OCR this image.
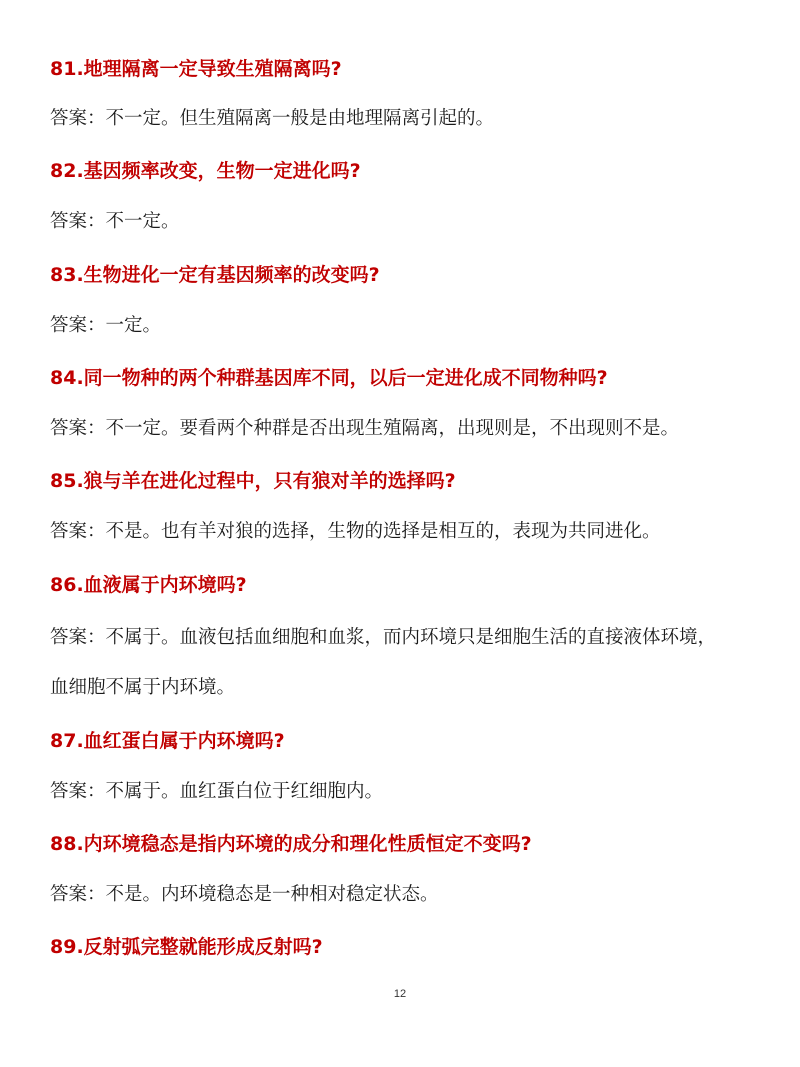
81.地理隔离一定导致生殖隔离吗?
答案：不一定。但生殖隔离一般是由地理隔离引起的。
82.基因频率改变，生物一定进化吗?
答案：不一定。
83.生物进化一定有基因频率的改变吗?
答案：一定。
84.同一物种的两个种群基因库不同，以后一定进化成不同物种吗?
答案：不一定。要看两个种群是否出现生殖隔离，出现则是，不出现则不是。
85.狼与羊在进化过程中，只有狼对羊的选择吗?
答案：不是。也有羊对狼的选择，生物的选择是相互的，表现为共同进化。
86.血液属于内环境吗?
答案：不属于。血液包括血细胞和血浆，而内环境只是细胞生活的直接液体环境，
血细胞不属于内环境。
87.血红蛋白属于内环境吗?
答案：不属于。血红蛋白位于红细胞内。
88.内环境稳态是指内环境的成分和理化性质恒定不变吗?
答案：不是。内环境稳态是一种相对稳定状态。
89.反射弧完整就能形成反射吗?
12
